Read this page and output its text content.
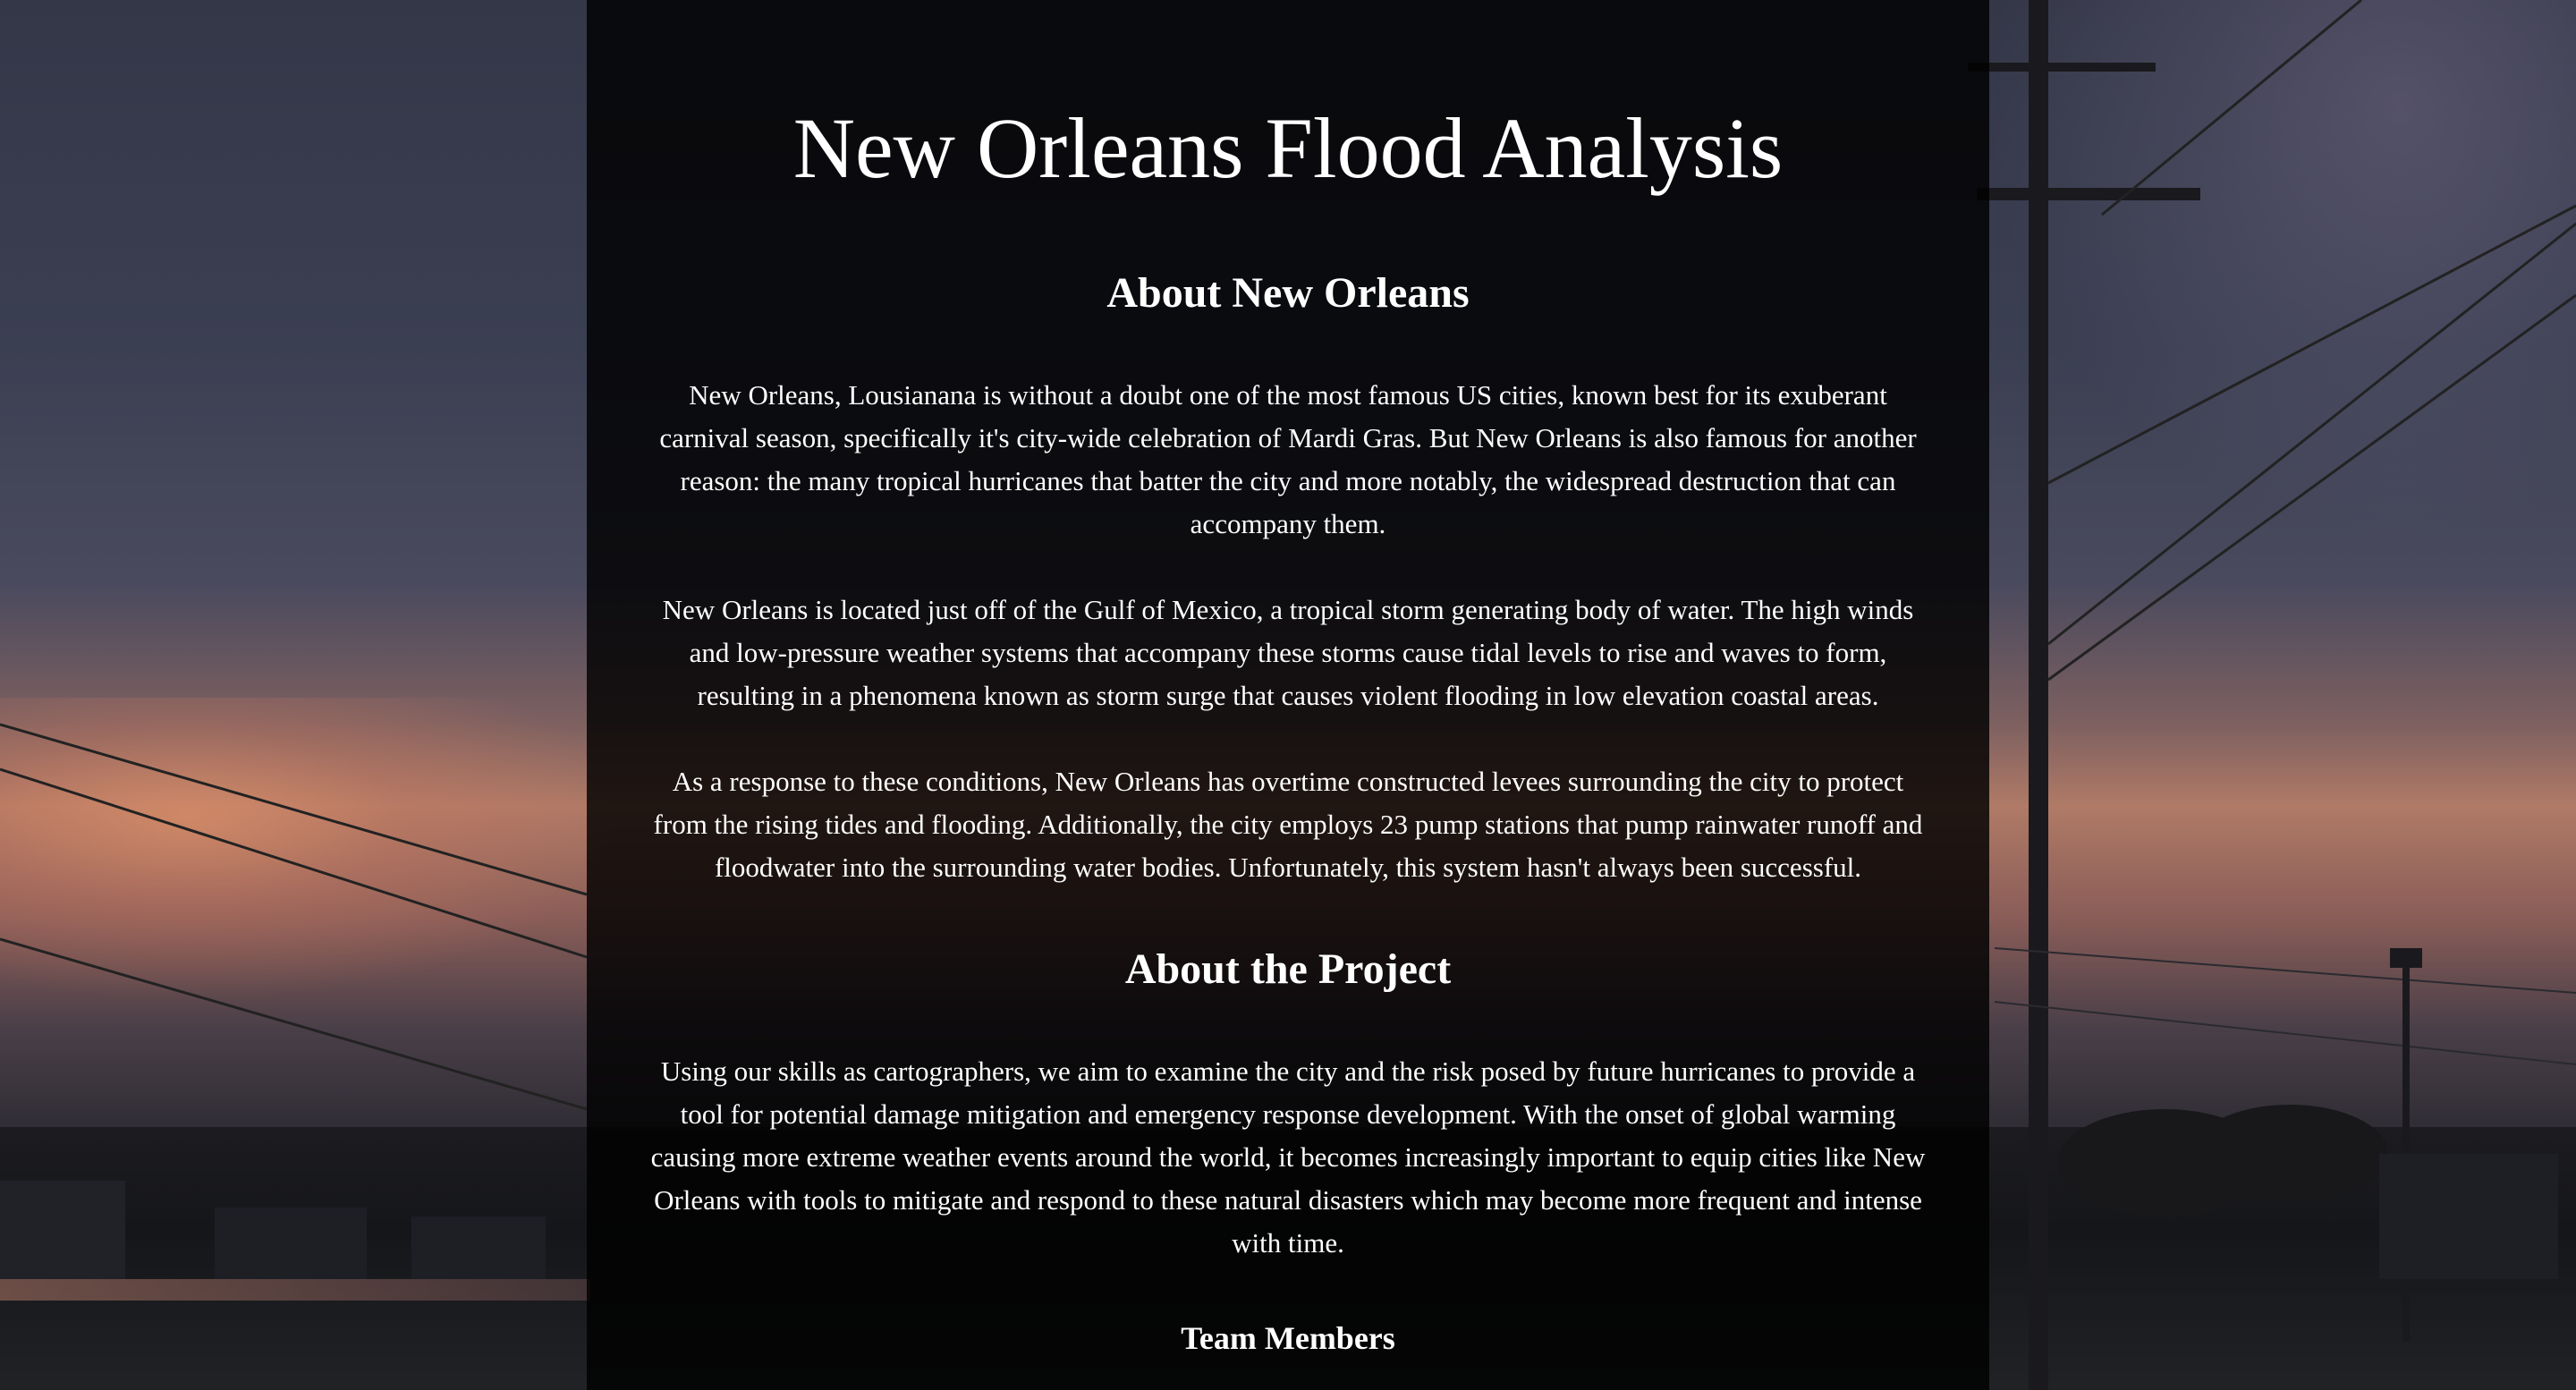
New Orleans Flood Analysis
About New Orleans

New Orleans, Lousianana is without a doubt one of the most famous US cities, known best for its exuberant carnival season, specifically it's city-wide celebration of Mardi Gras. But New Orleans is also famous for another reason: the many tropical hurricanes that batter the city and more notably, the widespread destruction that can accompany them.

New Orleans is located just off of the Gulf of Mexico, a tropical storm generating body of water. The high winds and low-pressure weather systems that accompany these storms cause tidal levels to rise and waves to form, resulting in a phenomena known as storm surge that causes violent flooding in low elevation coastal areas.

As a response to these conditions, New Orleans has overtime constructed levees surrounding the city to protect from the rising tides and flooding. Additionally, the city employs 23 pump stations that pump rainwater runoff and floodwater into the surrounding water bodies. Unfortunately, this system hasn't always been successful.

About the Project

Using our skills as cartographers, we aim to examine the city and the risk posed by future hurricanes to provide a tool for potential damage mitigation and emergency response development. With the onset of global warming causing more extreme weather events around the world, it becomes increasingly important to equip cities like New Orleans with tools to mitigate and respond to these natural disasters which may become more frequent and intense with time.

Team Members
